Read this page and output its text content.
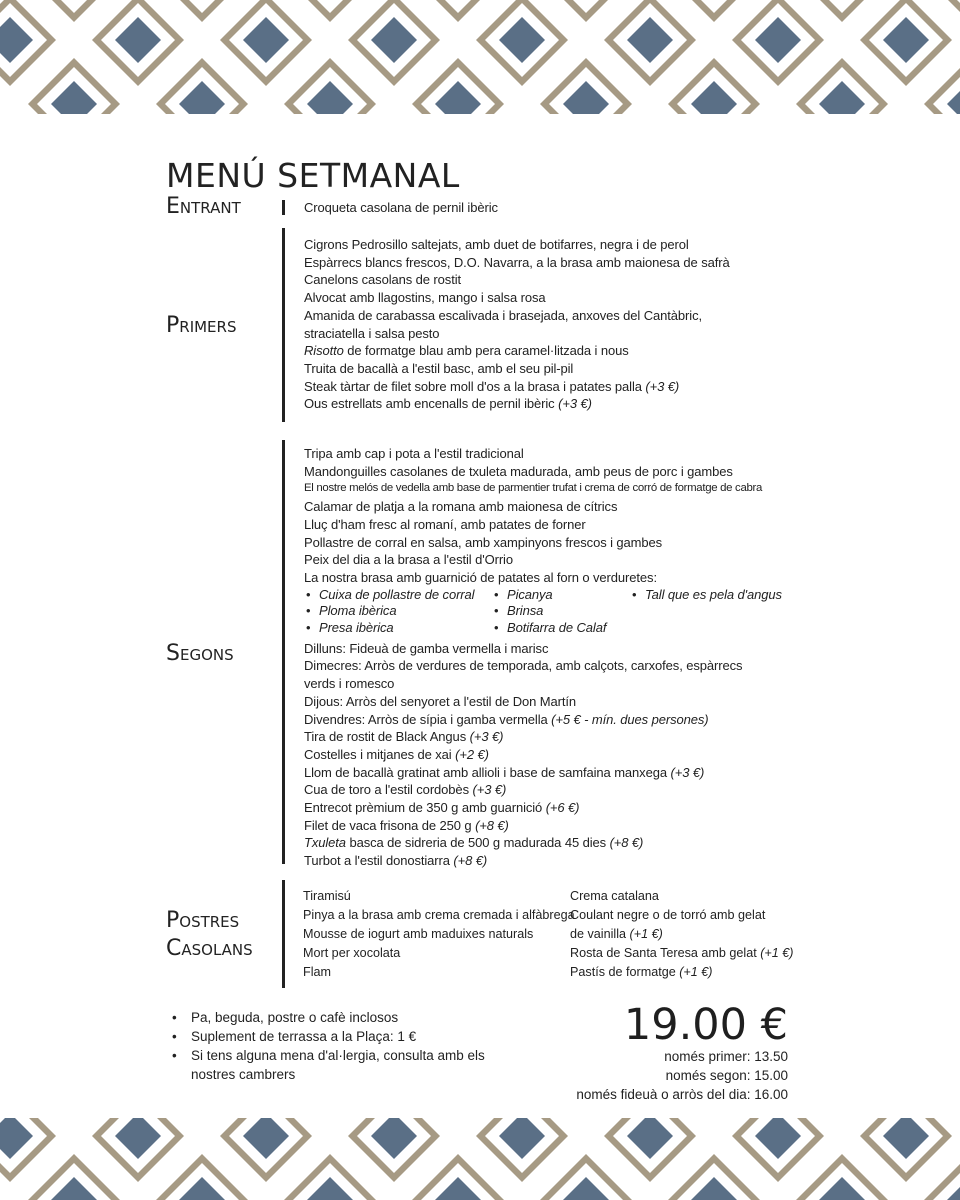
MENÚ SETMANAL
Entrant	Croqueta casolana de pernil ibèric
Primers
Cigrons Pedrosillo saltejats, amb duet de botifarres, negra i de perol
Espàrrecs blancs frescos, D.O. Navarra, a la brasa amb maionesa de safrà
Canelons casolans de rostit
Alvocat amb llagostins, mango i salsa rosa
Amanida de carabassa escalivada i brasejada, anxoves del Cantàbric,
straciatella i salsa pesto
Risotto de formatge blau amb pera caramel·litzada i nous
Truita de bacallà a l'estil basc, amb el seu pil-pil
Steak tàrtar de filet sobre moll d'os a la brasa i patates palla (+3 €)
Ous estrellats amb encenalls de pernil ibèric (+3 €)
Segons
Tripa amb cap i pota a l'estil tradicional
Mandonguilles casolanes de txuleta madurada, amb peus de porc i gambes
El nostre melós de vedella amb base de parmentier trufat i crema de corró de formatge de cabra
Calamar de platja a la romana amb maionesa de cítrics
Lluç d'ham fresc al romaní, amb patates de forner
Pollastre de corral en salsa, amb xampinyons frescos i gambes
Peix del dia a la brasa a l'estil d'Orrio
La nostra brasa amb guarnició de patates al forn o verduretes:
• Cuixa de pollastre de corral
• Ploma ibèrica
• Presa ibèrica
• Picanya
• Brinsa
• Botifarra de Calaf
• Tall que es pela d'angus
Dilluns: Fideuà de gamba vermella i marisc
Dimecres: Arròs de verdures de temporada, amb calçots, carxofes, espàrrecs
verds i romesco
Dijous: Arròs del senyoret a l'estil de Don Martín
Divendres: Arròs de sípia i gamba vermella (+5 € - mín. dues persones)
Tira de rostit de Black Angus (+3 €)
Costelles i mitjanes de xai (+2 €)
Llom de bacallà gratinat amb allioli i base de samfaina manxega (+3 €)
Cua de toro a l'estil cordobès (+3 €)
Entrecot prèmium de 350 g amb guarnició (+6 €)
Filet de vaca frisona de 250 g (+8 €)
Txuleta basca de sidreria de 500 g madurada 45 dies (+8 €)
Turbot a l'estil donostiarra (+8 €)
Postres
Casolans
Tiramisú
Pinya a la brasa amb crema cremada i alfàbrega
Mousse de iogurt amb maduixes naturals
Mort per xocolata
Flam
Crema catalana
Coulant negre o de torró amb gelat
de vainilla (+1 €)
Rosta de Santa Teresa amb gelat (+1 €)
Pastís de formatge (+1 €)
• Pa, beguda, postre o cafè inclosos
• Suplement de terrassa a la Plaça: 1 €
• Si tens alguna mena d'al·lergia, consulta amb els nostres cambrers
19.00 €
només primer: 13.50
només segon: 15.00
només fideuà o arròs del dia: 16.00
